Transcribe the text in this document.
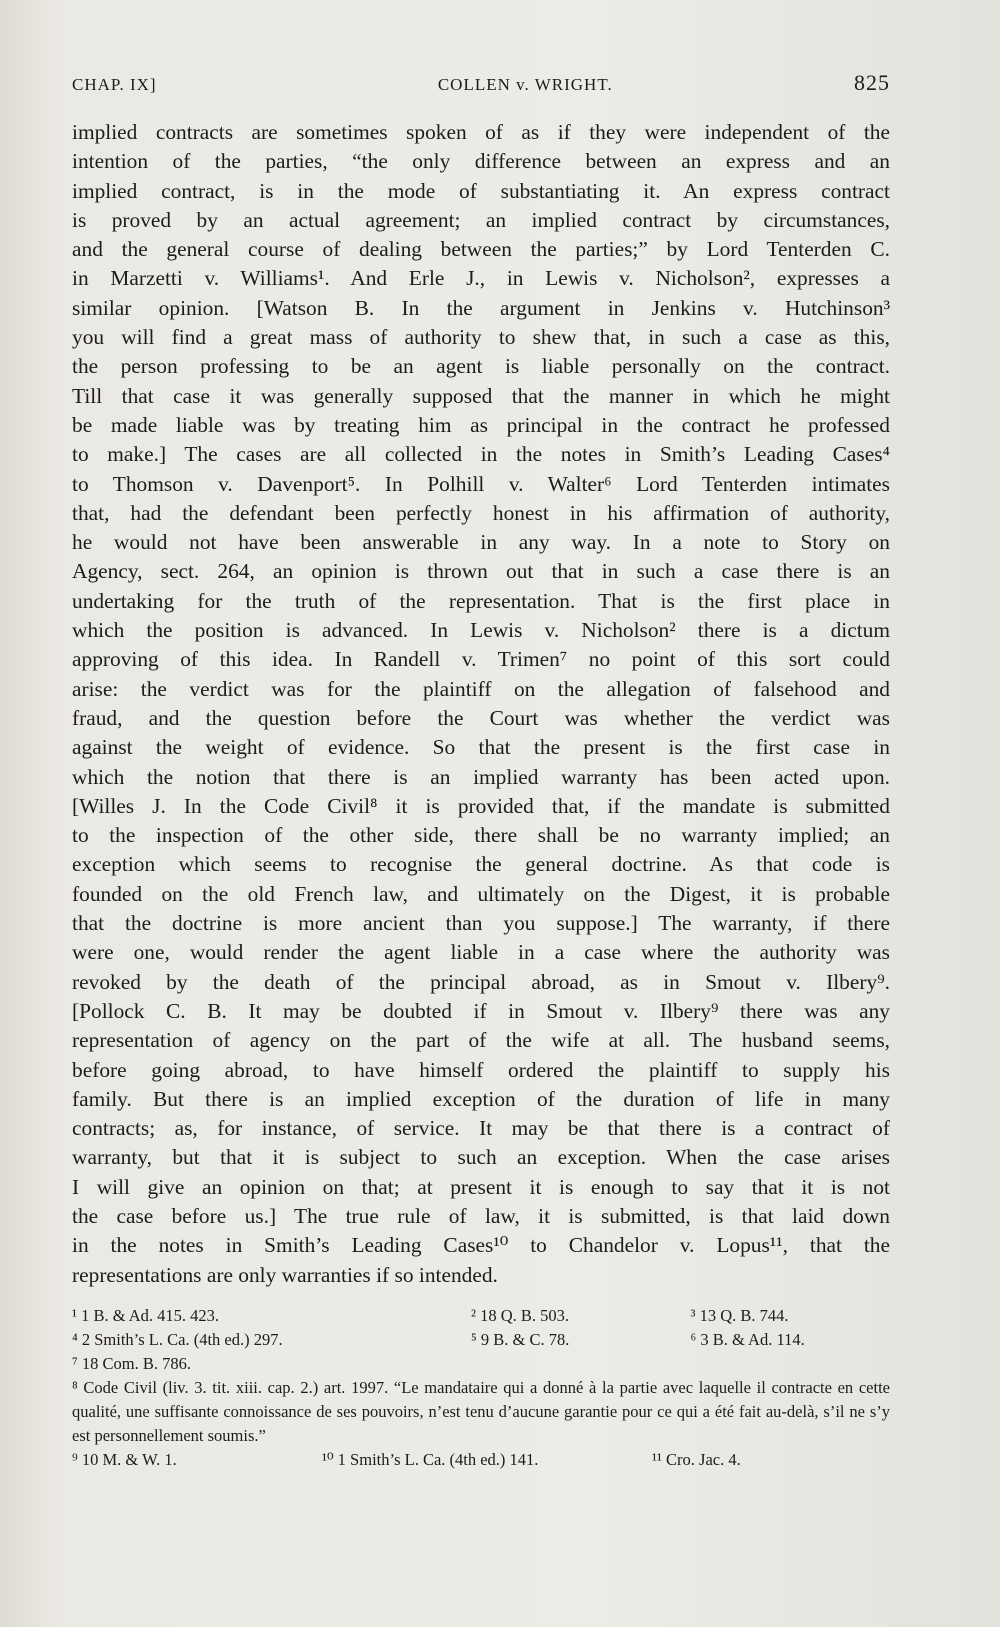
CHAP. IX]	COLLEN v. WRIGHT.	825
implied contracts are sometimes spoken of as if they were independent of the
intention of the parties, “the only difference between an express and an
implied contract, is in the mode of substantiating it. An express contract
is proved by an actual agreement; an implied contract by circumstances,
and the general course of dealing between the parties;” by Lord Tenterden C.
in Marzetti v. Williams¹. And Erle J., in Lewis v. Nicholson², expresses a
similar opinion. [Watson B. In the argument in Jenkins v. Hutchinson³
you will find a great mass of authority to shew that, in such a case as this,
the person professing to be an agent is liable personally on the contract.
Till that case it was generally supposed that the manner in which he might
be made liable was by treating him as principal in the contract he professed
to make.] The cases are all collected in the notes in Smith’s Leading Cases⁴
to Thomson v. Davenport⁵. In Polhill v. Walter⁶ Lord Tenterden intimates
that, had the defendant been perfectly honest in his affirmation of authority,
he would not have been answerable in any way. In a note to Story on
Agency, sect. 264, an opinion is thrown out that in such a case there is an
undertaking for the truth of the representation. That is the first place in
which the position is advanced. In Lewis v. Nicholson² there is a dictum
approving of this idea. In Randell v. Trimen⁷ no point of this sort could
arise: the verdict was for the plaintiff on the allegation of falsehood and
fraud, and the question before the Court was whether the verdict was
against the weight of evidence. So that the present is the first case in
which the notion that there is an implied warranty has been acted upon.
[Willes J. In the Code Civil⁸ it is provided that, if the mandate is submitted
to the inspection of the other side, there shall be no warranty implied; an
exception which seems to recognise the general doctrine. As that code is
founded on the old French law, and ultimately on the Digest, it is probable
that the doctrine is more ancient than you suppose.] The warranty, if there
were one, would render the agent liable in a case where the authority was
revoked by the death of the principal abroad, as in Smout v. Ilbery⁹.
[Pollock C. B. It may be doubted if in Smout v. Ilbery⁹ there was any
representation of agency on the part of the wife at all. The husband seems,
before going abroad, to have himself ordered the plaintiff to supply his
family. But there is an implied exception of the duration of life in many
contracts; as, for instance, of service. It may be that there is a contract of
warranty, but that it is subject to such an exception. When the case arises
I will give an opinion on that; at present it is enough to say that it is not
the case before us.] The true rule of law, it is submitted, is that laid down
in the notes in Smith’s Leading Cases¹⁰ to Chandelor v. Lopus¹¹, that the
representations are only warranties if so intended.
¹ 1 B. & Ad. 415. 423.	² 18 Q. B. 503.	³ 13 Q. B. 744.
⁴ 2 Smith’s L. Ca. (4th ed.) 297.	⁵ 9 B. & C. 78.	⁶ 3 B. & Ad. 114.
⁷ 18 Com. B. 786.
⁸ Code Civil (liv. 3. tit. xiii. cap. 2.) art. 1997. “Le mandataire qui a donné à la partie avec laquelle il contracte en cette qualité, une suffisante connoissance de ses pouvoirs, n’est tenu d’aucune garantie pour ce qui a été fait au-delà, s’il ne s’y est personnellement soumis.”
⁹ 10 M. & W. 1.	¹⁰ 1 Smith’s L. Ca. (4th ed.) 141.	¹¹ Cro. Jac. 4.
